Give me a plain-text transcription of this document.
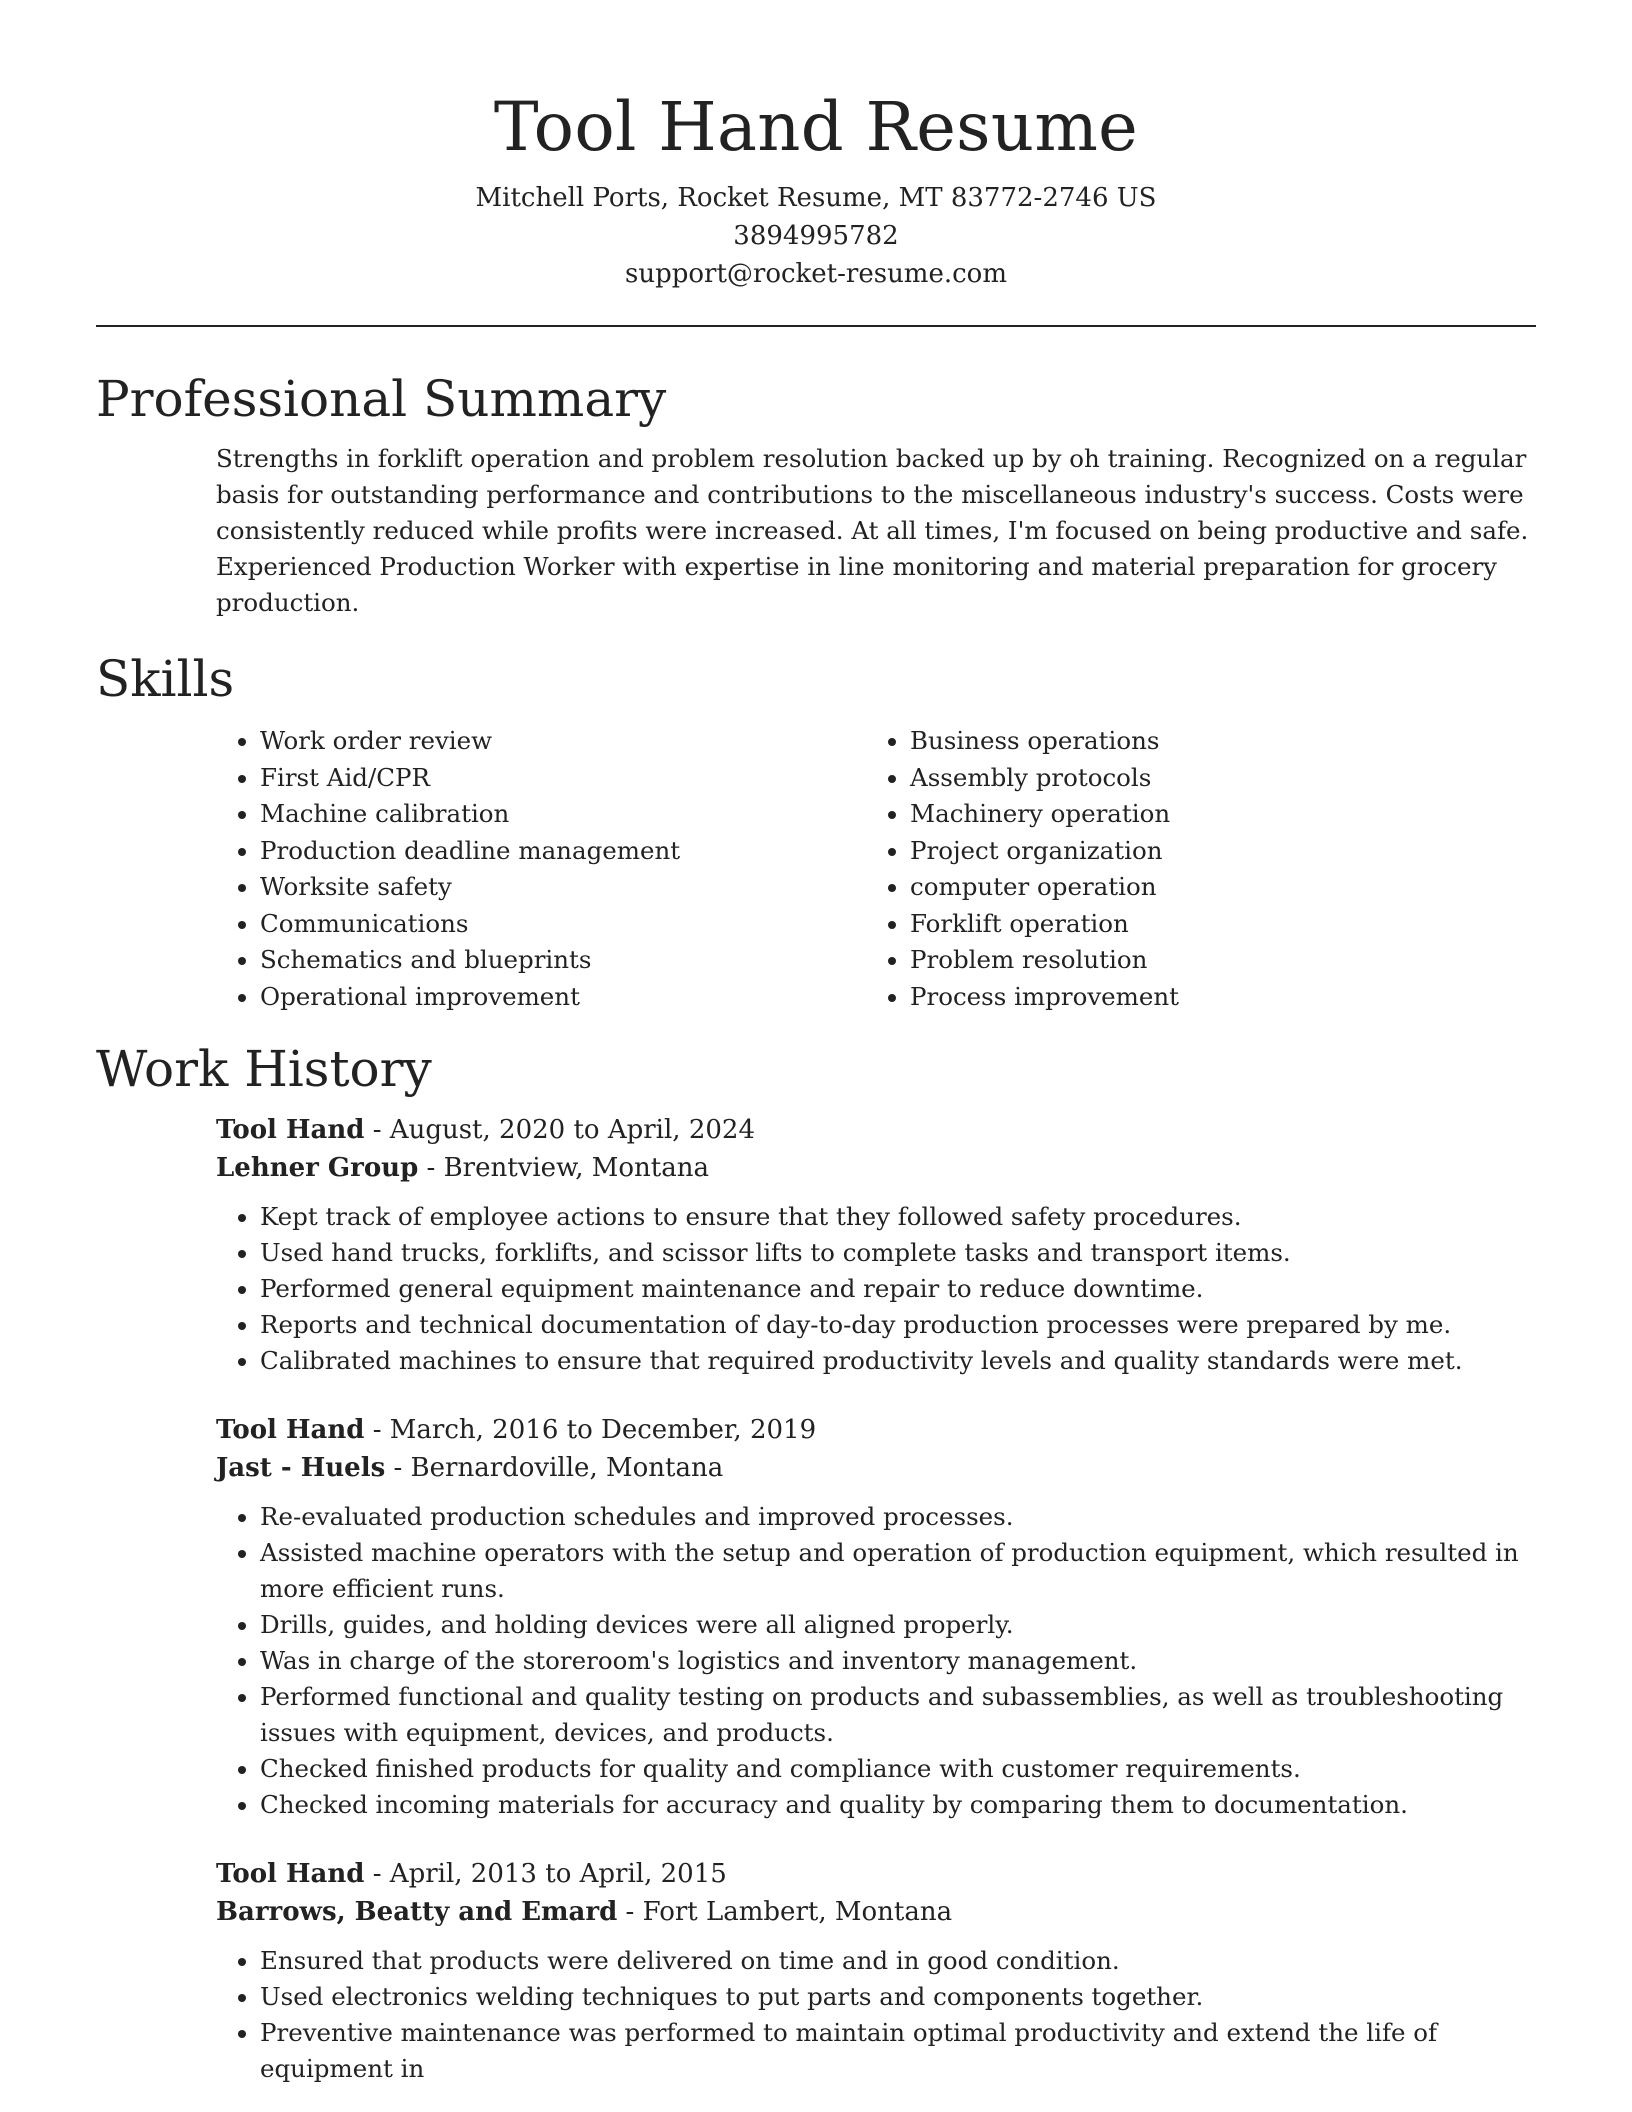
Tool Hand Resume
Mitchell Ports, Rocket Resume, MT 83772-2746 US
3894995782
support@rocket-resume.com
Professional Summary

Strengths in forklift operation and problem resolution backed up by oh training. Recognized on a regular basis for outstanding performance and contributions to the miscellaneous industry's success. Costs were consistently reduced while profits were increased. At all times, I'm focused on being productive and safe. Experienced Production Worker with expertise in line monitoring and material preparation for grocery production.

Skills
• Work order review
• First Aid/CPR
• Machine calibration
• Production deadline management
• Worksite safety
• Communications
• Schematics and blueprints
• Operational improvement
• Business operations
• Assembly protocols
• Machinery operation
• Project organization
• computer operation
• Forklift operation
• Problem resolution
• Process improvement
Work History
Tool Hand - August, 2020 to April, 2024
Lehner Group - Brentview, Montana
• Kept track of employee actions to ensure that they followed safety procedures.
• Used hand trucks, forklifts, and scissor lifts to complete tasks and transport items.
• Performed general equipment maintenance and repair to reduce downtime.
• Reports and technical documentation of day-to-day production processes were prepared by me.
• Calibrated machines to ensure that required productivity levels and quality standards were met.
Tool Hand - March, 2016 to December, 2019
Jast - Huels - Bernardoville, Montana
• Re-evaluated production schedules and improved processes.
• Assisted machine operators with the setup and operation of production equipment, which resulted in more efficient runs.
• Drills, guides, and holding devices were all aligned properly.
• Was in charge of the storeroom's logistics and inventory management.
• Performed functional and quality testing on products and subassemblies, as well as troubleshooting issues with equipment, devices, and products.
• Checked finished products for quality and compliance with customer requirements.
• Checked incoming materials for accuracy and quality by comparing them to documentation.
Tool Hand - April, 2013 to April, 2015
Barrows, Beatty and Emard - Fort Lambert, Montana
• Ensured that products were delivered on time and in good condition.
• Used electronics welding techniques to put parts and components together.
• Preventive maintenance was performed to maintain optimal productivity and extend the life of equipment in
